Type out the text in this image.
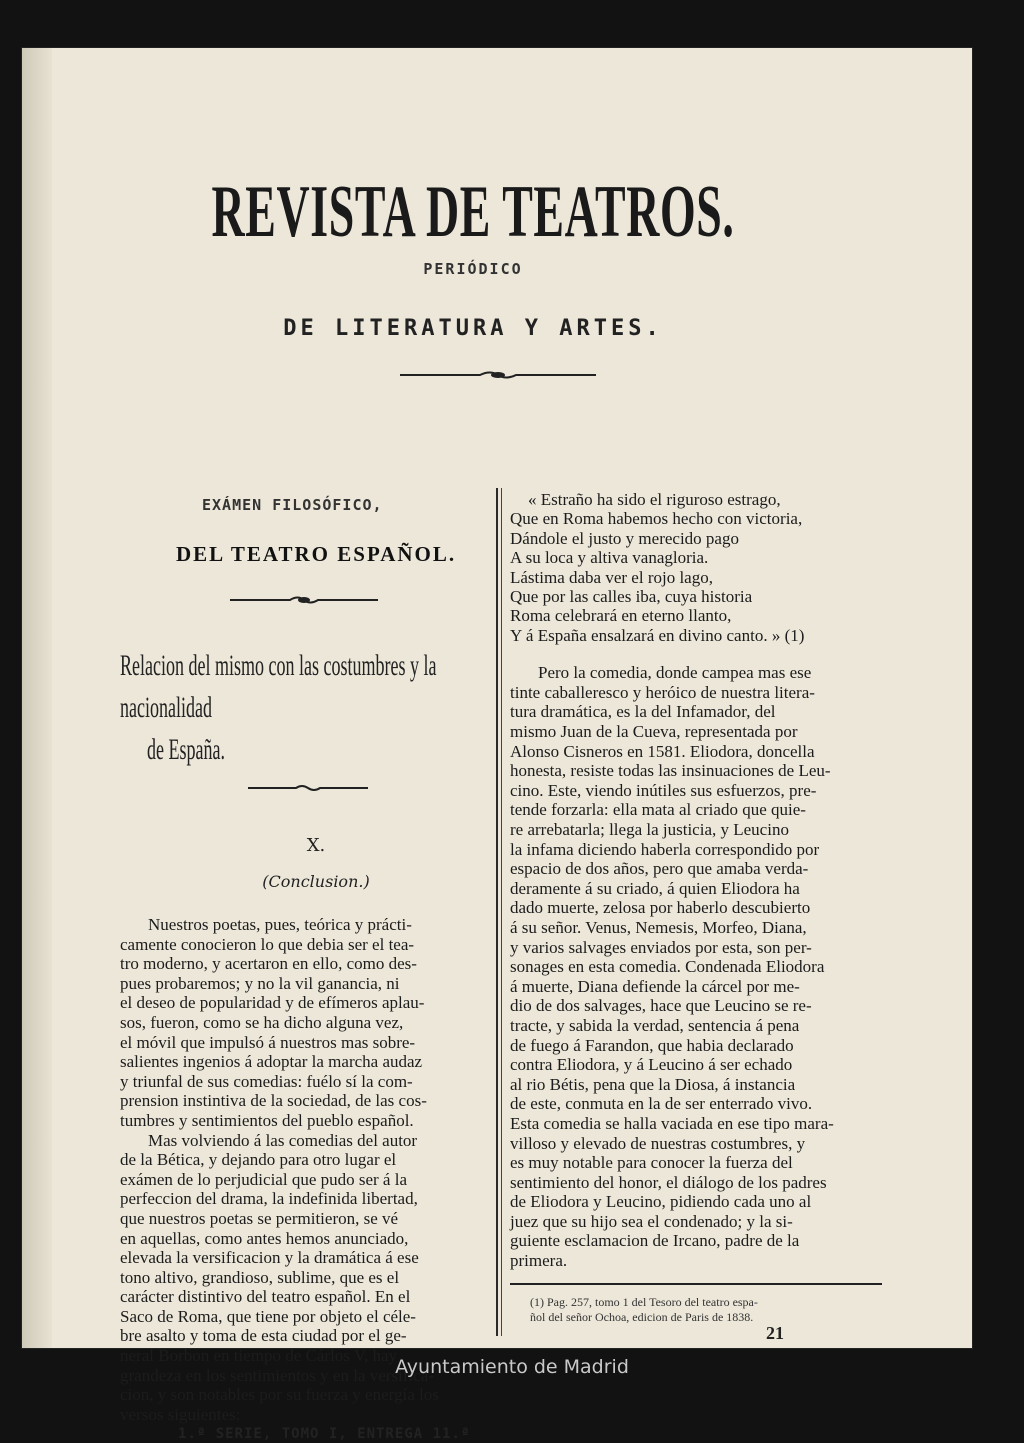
REVISTA DE TEATROS.
PERIÓDICO
DE LITERATURA Y ARTES.
EXÁMEN FILOSÓFICO,
DEL TEATRO ESPAÑOL.
Relacion del mismo con las costumbres y la nacionalidad
de España.
X.
(Conclusion.)
Nuestros poetas, pues, teórica y prácti-
camente conocieron lo que debia ser el tea-
tro moderno, y acertaron en ello, como des-
pues probaremos; y no la vil ganancia, ni
el deseo de popularidad y de efímeros aplau-
sos, fueron, como se ha dicho alguna vez,
el móvil que impulsó á nuestros mas sobre-
salientes ingenios á adoptar la marcha audaz
y triunfal de sus comedias: fuélo sí la com-
prension instintiva de la sociedad, de las cos-
tumbres y sentimientos del pueblo español.
Mas volviendo á las comedias del autor
de la Bética, y dejando para otro lugar el
exámen de lo perjudicial que pudo ser á la
perfeccion del drama, la indefinida libertad,
que nuestros poetas se permitieron, se vé
en aquellas, como antes hemos anunciado,
elevada la versificacion y la dramática á ese
tono altivo, grandioso, sublime, que es el
carácter distintivo del teatro español. En el
Saco de Roma, que tiene por objeto el céle-
bre asalto y toma de esta ciudad por el ge-
neral Borbon en tiempo de Cárlos V, hay
grandeza en los sentimientos y en la versifica-
cion, y son notables por su fuerza y energía los
versos siguientes:
1.ª SERIE, TOMO I, ENTREGA 11.ª
« Estraño ha sido el riguroso estrago,
Que en Roma habemos hecho con victoria,
Dándole el justo y merecido pago
A su loca y altiva vanagloria.
Lástima daba ver el rojo lago,
Que por las calles iba, cuya historia
Roma celebrará en eterno llanto,
Y á España ensalzará en divino canto. » (1)
Pero la comedia, donde campea mas ese
tinte caballeresco y heróico de nuestra litera-
tura dramática, es la del Infamador, del
mismo Juan de la Cueva, representada por
Alonso Cisneros en 1581. Eliodora, doncella
honesta, resiste todas las insinuaciones de Leu-
cino. Este, viendo inútiles sus esfuerzos, pre-
tende forzarla: ella mata al criado que quie-
re arrebatarla; llega la justicia, y Leucino
la infama diciendo haberla correspondido por
espacio de dos años, pero que amaba verda-
deramente á su criado, á quien Eliodora ha
dado muerte, zelosa por haberlo descubierto
á su señor. Venus, Nemesis, Morfeo, Diana,
y varios salvages enviados por esta, son per-
sonages en esta comedia. Condenada Eliodora
á muerte, Diana defiende la cárcel por me-
dio de dos salvages, hace que Leucino se re-
tracte, y sabida la verdad, sentencia á pena
de fuego á Farandon, que habia declarado
contra Eliodora, y á Leucino á ser echado
al rio Bétis, pena que la Diosa, á instancia
de este, conmuta en la de ser enterrado vivo.
Esta comedia se halla vaciada en ese tipo mara-
villoso y elevado de nuestras costumbres, y
es muy notable para conocer la fuerza del
sentimiento del honor, el diálogo de los padres
de Eliodora y Leucino, pidiendo cada uno al
juez que su hijo sea el condenado; y la si-
guiente esclamacion de Ircano, padre de la
primera.
(1) Pag. 257, tomo 1 del Tesoro del teatro espa-
ñol del señor Ochoa, edicion de Paris de 1838.
21
Ayuntamiento de Madrid
